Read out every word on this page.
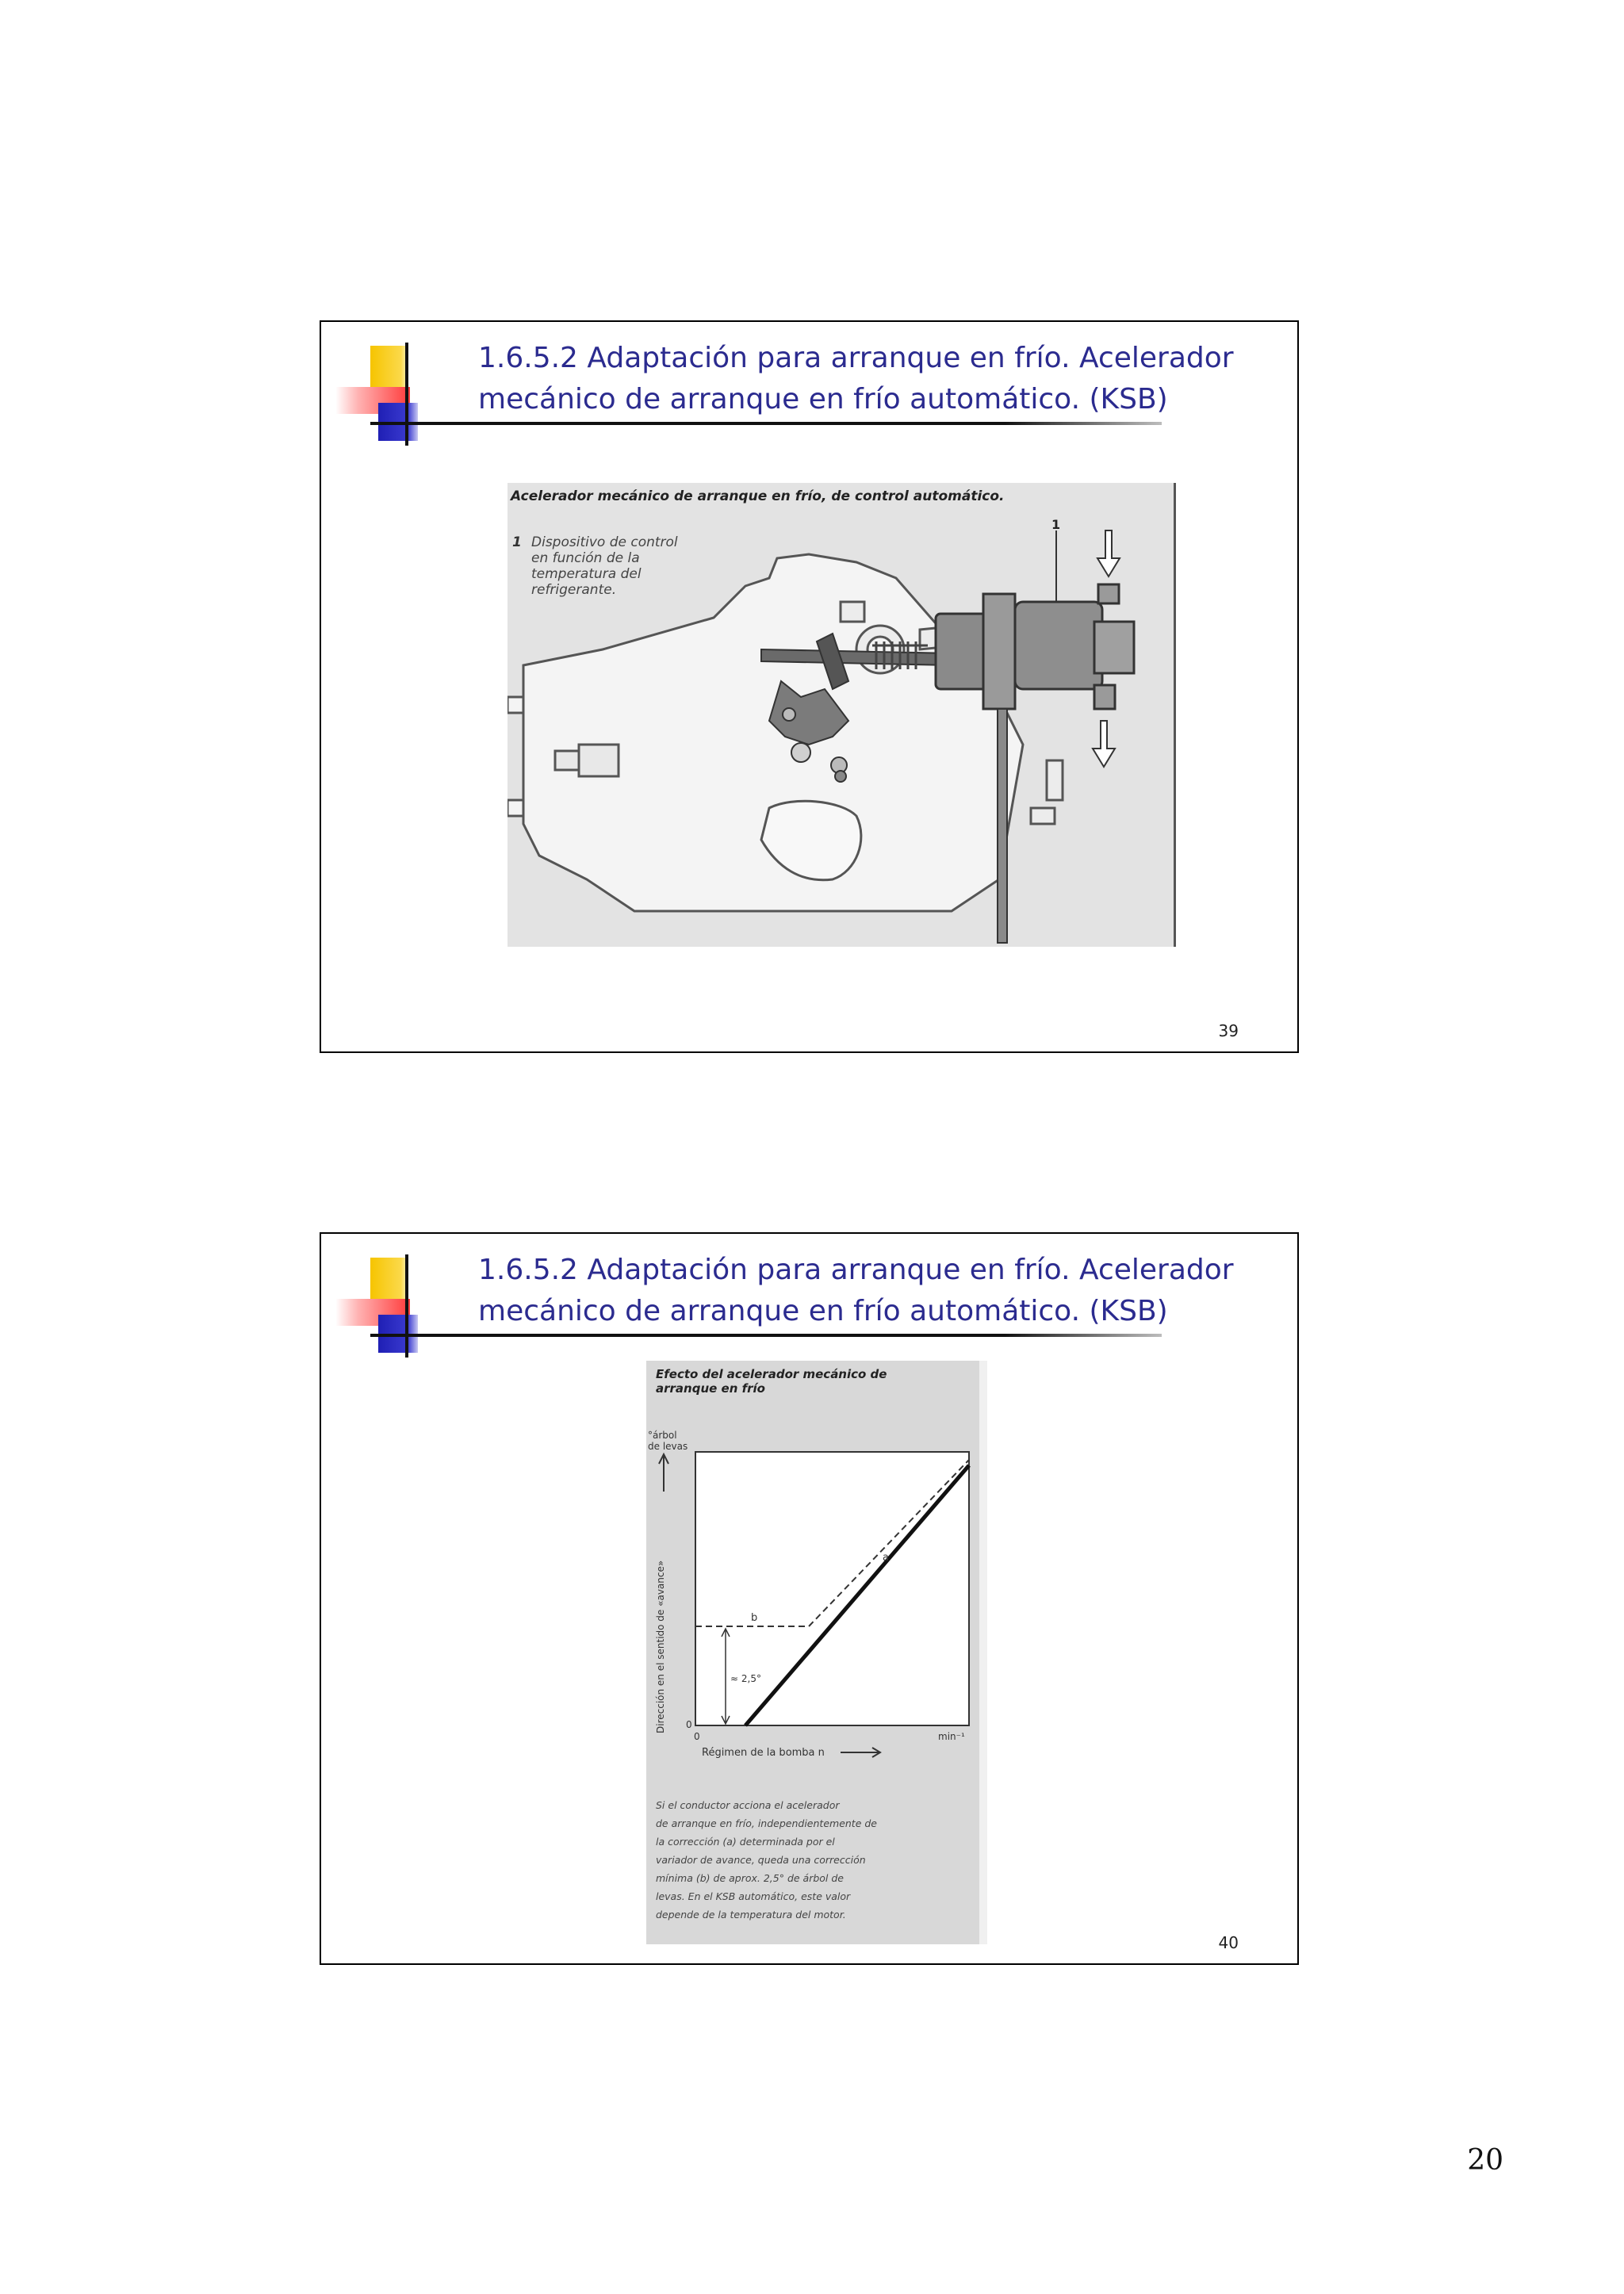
1.6.5.2 Adaptación para arranque en frío. Acelerador
mecánico de arranque en frío automático. (KSB)
Acelerador mecánico de arranque en frío, de control automático.
1 Dispositivo de control
en función de la
temperatura del
refrigerante.
1
39
1.6.5.2 Adaptación para arranque en frío. Acelerador
mecánico de arranque en frío automático. (KSB)
Efecto del acelerador mecánico de
arranque en frío
°árbol
de levas
Dirección en el sentido de «avance» 0
0	min⁻¹
Régimen de la bomba n
b
a
≈ 2,5°
Si el conductor acciona el acelerador
de arranque en frío, independientemente de
la corrección (a) determinada por el
variador de avance, queda una corrección
mínima (b) de aprox. 2,5° de árbol de
levas. En el KSB automático, este valor
depende de la temperatura del motor.
40
20
